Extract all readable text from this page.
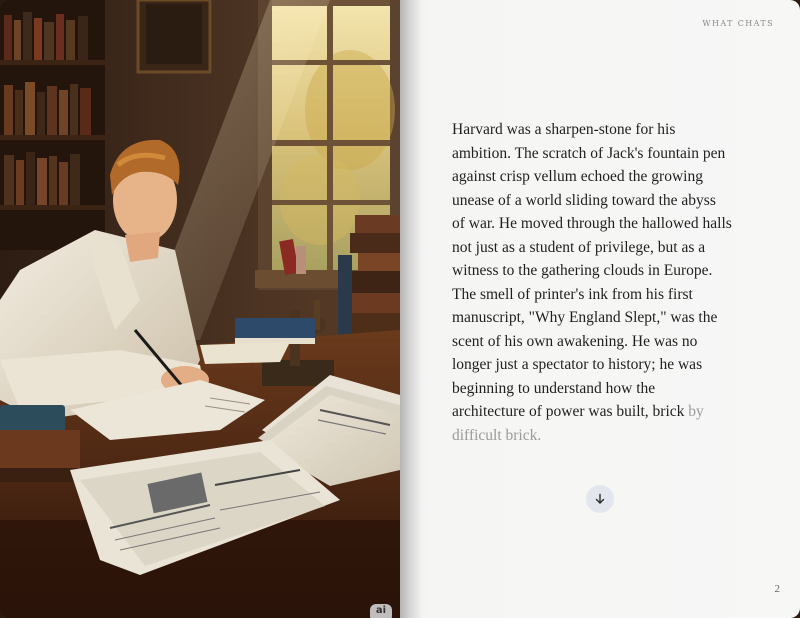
ai
WHAT CHATS

Harvard was a sharpen-stone for his ambition. The scratch of Jack's fountain pen against crisp vellum echoed the growing unease of a world sliding toward the abyss of war. He moved through the hallowed halls not just as a student of privilege, but as a witness to the gathering clouds in Europe. The smell of printer's ink from his first manuscript, "Why England Slept," was the scent of his own awakening. He was no longer just a spectator to history; he was beginning to understand how the architecture of power was built, brick by difficult brick.

2
